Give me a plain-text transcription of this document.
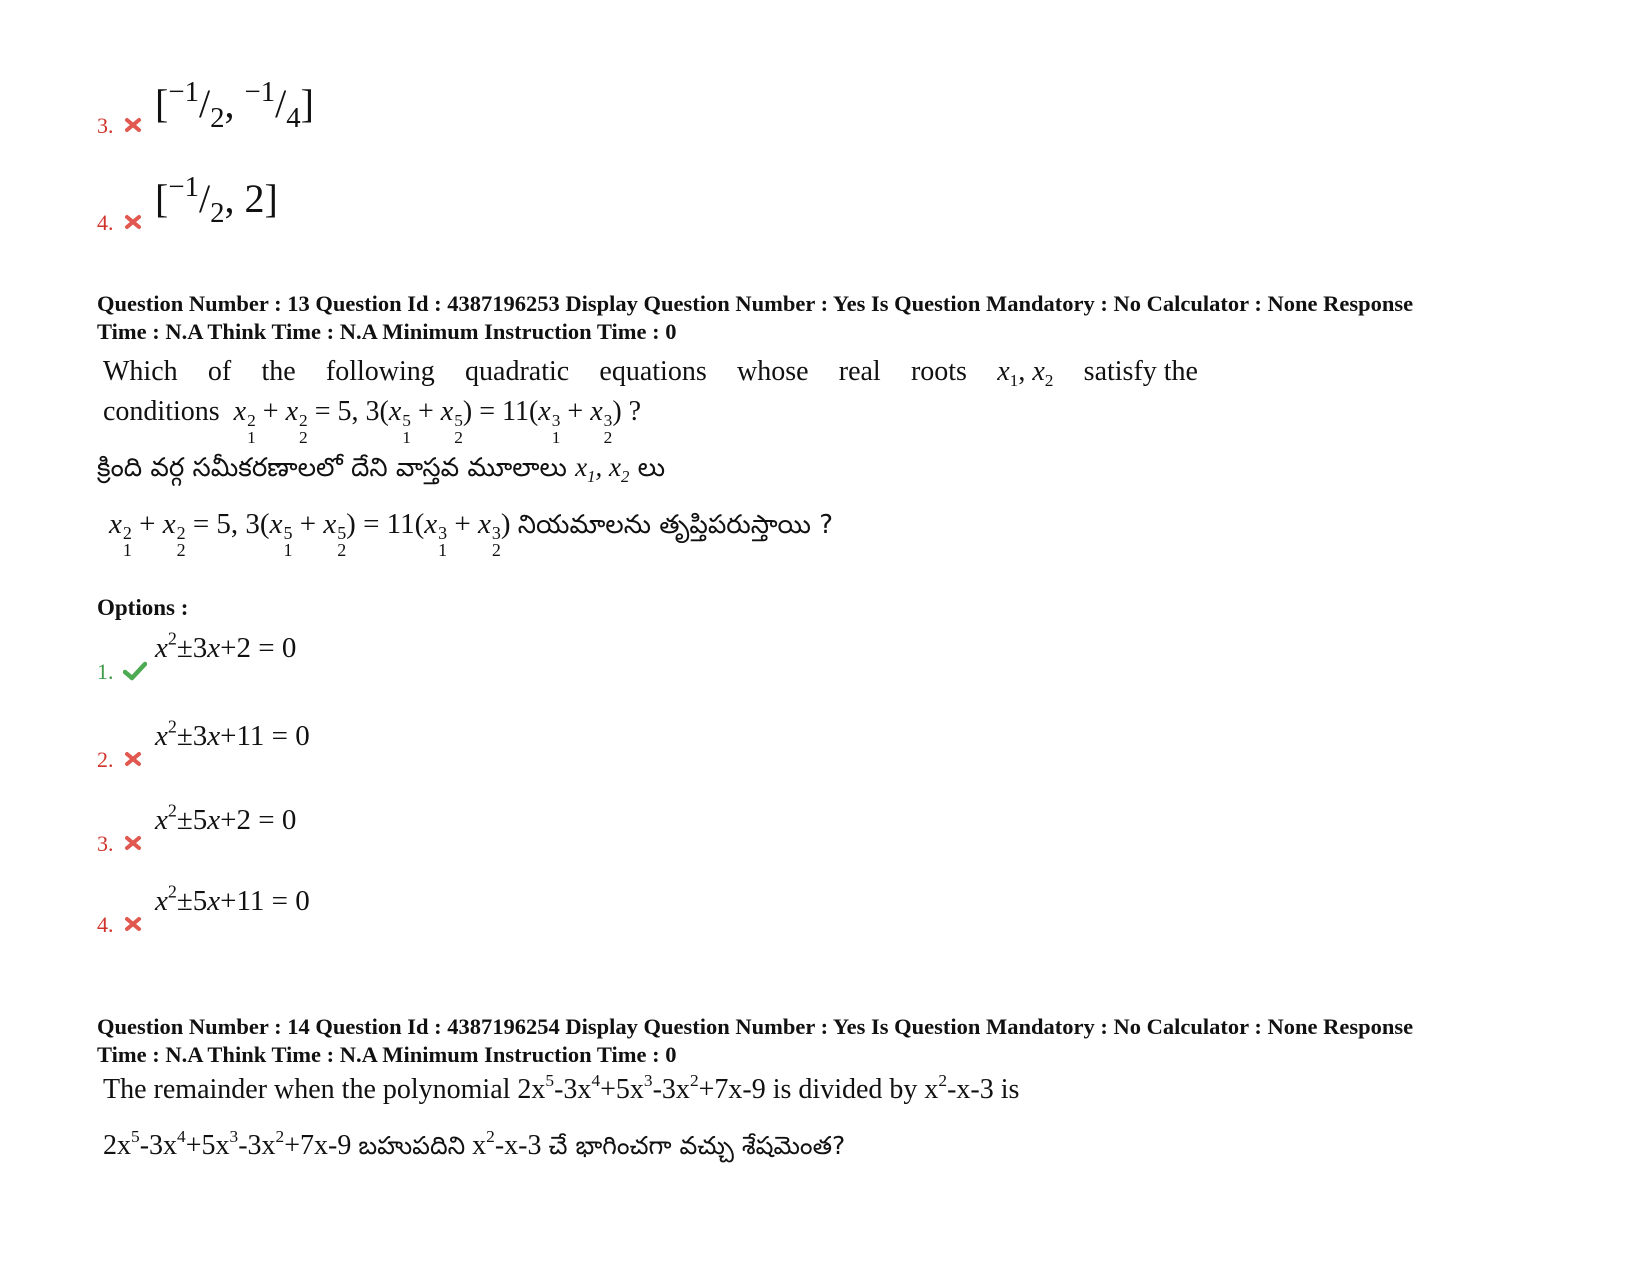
3. [$^{-1}/_2$, $^{-1}/_4$]
4.
[$^{-1}/_2$, 2]
Question Number : 13 Question Id : 4387196253 Display Question Number : Yes Is Question Mandatory : No Calculator : None Response
Time : N.A Think Time : N.A Minimum Instruction Time : 0
Which of the following quadratic equations whose real roots $x_1$, $x_2$ satisfy the
conditions x 2
1
+ x 2
2
= 5, 3(x 5
1
+ x 5
2
) = 11(x 3
1
+ x 3
2
) ?
క్రింది వర్గ సమీకరణాలలో దేని వాస్తవ మూలాలు $x_1$, $x_2$ లు
x 2
1
+ x 2
2
= 5, 3(x 5
1
+ x 5
2
) = 11(x 3
1
+ x 3
2
) నియమాలను తృప్తిపరుస్తాయి ?
Options :
1.
$x^2\pm 3x+2 = 0$
2.
$x^2\pm 3x+11 = 0$
3.
$x^2\pm 5x+2 = 0$
4.
$x^2\pm 5x+11 = 0$
Question Number : 14 Question Id : 4387196254 Display Question Number : Yes Is Question Mandatory : No Calculator : None Response
Time : N.A Think Time : N.A Minimum Instruction Time : 0
The remainder when the polynomial $2x^5-3x^4+5x^3-3x^2+7x-9$ is divided by $x^2-x-3$ is
$2x^5-3x^4+5x^3-3x^2+7x-9$ బహుపదిని $x^2-x-3$ చే భాగించగా వచ్చు శేషమెంత?
